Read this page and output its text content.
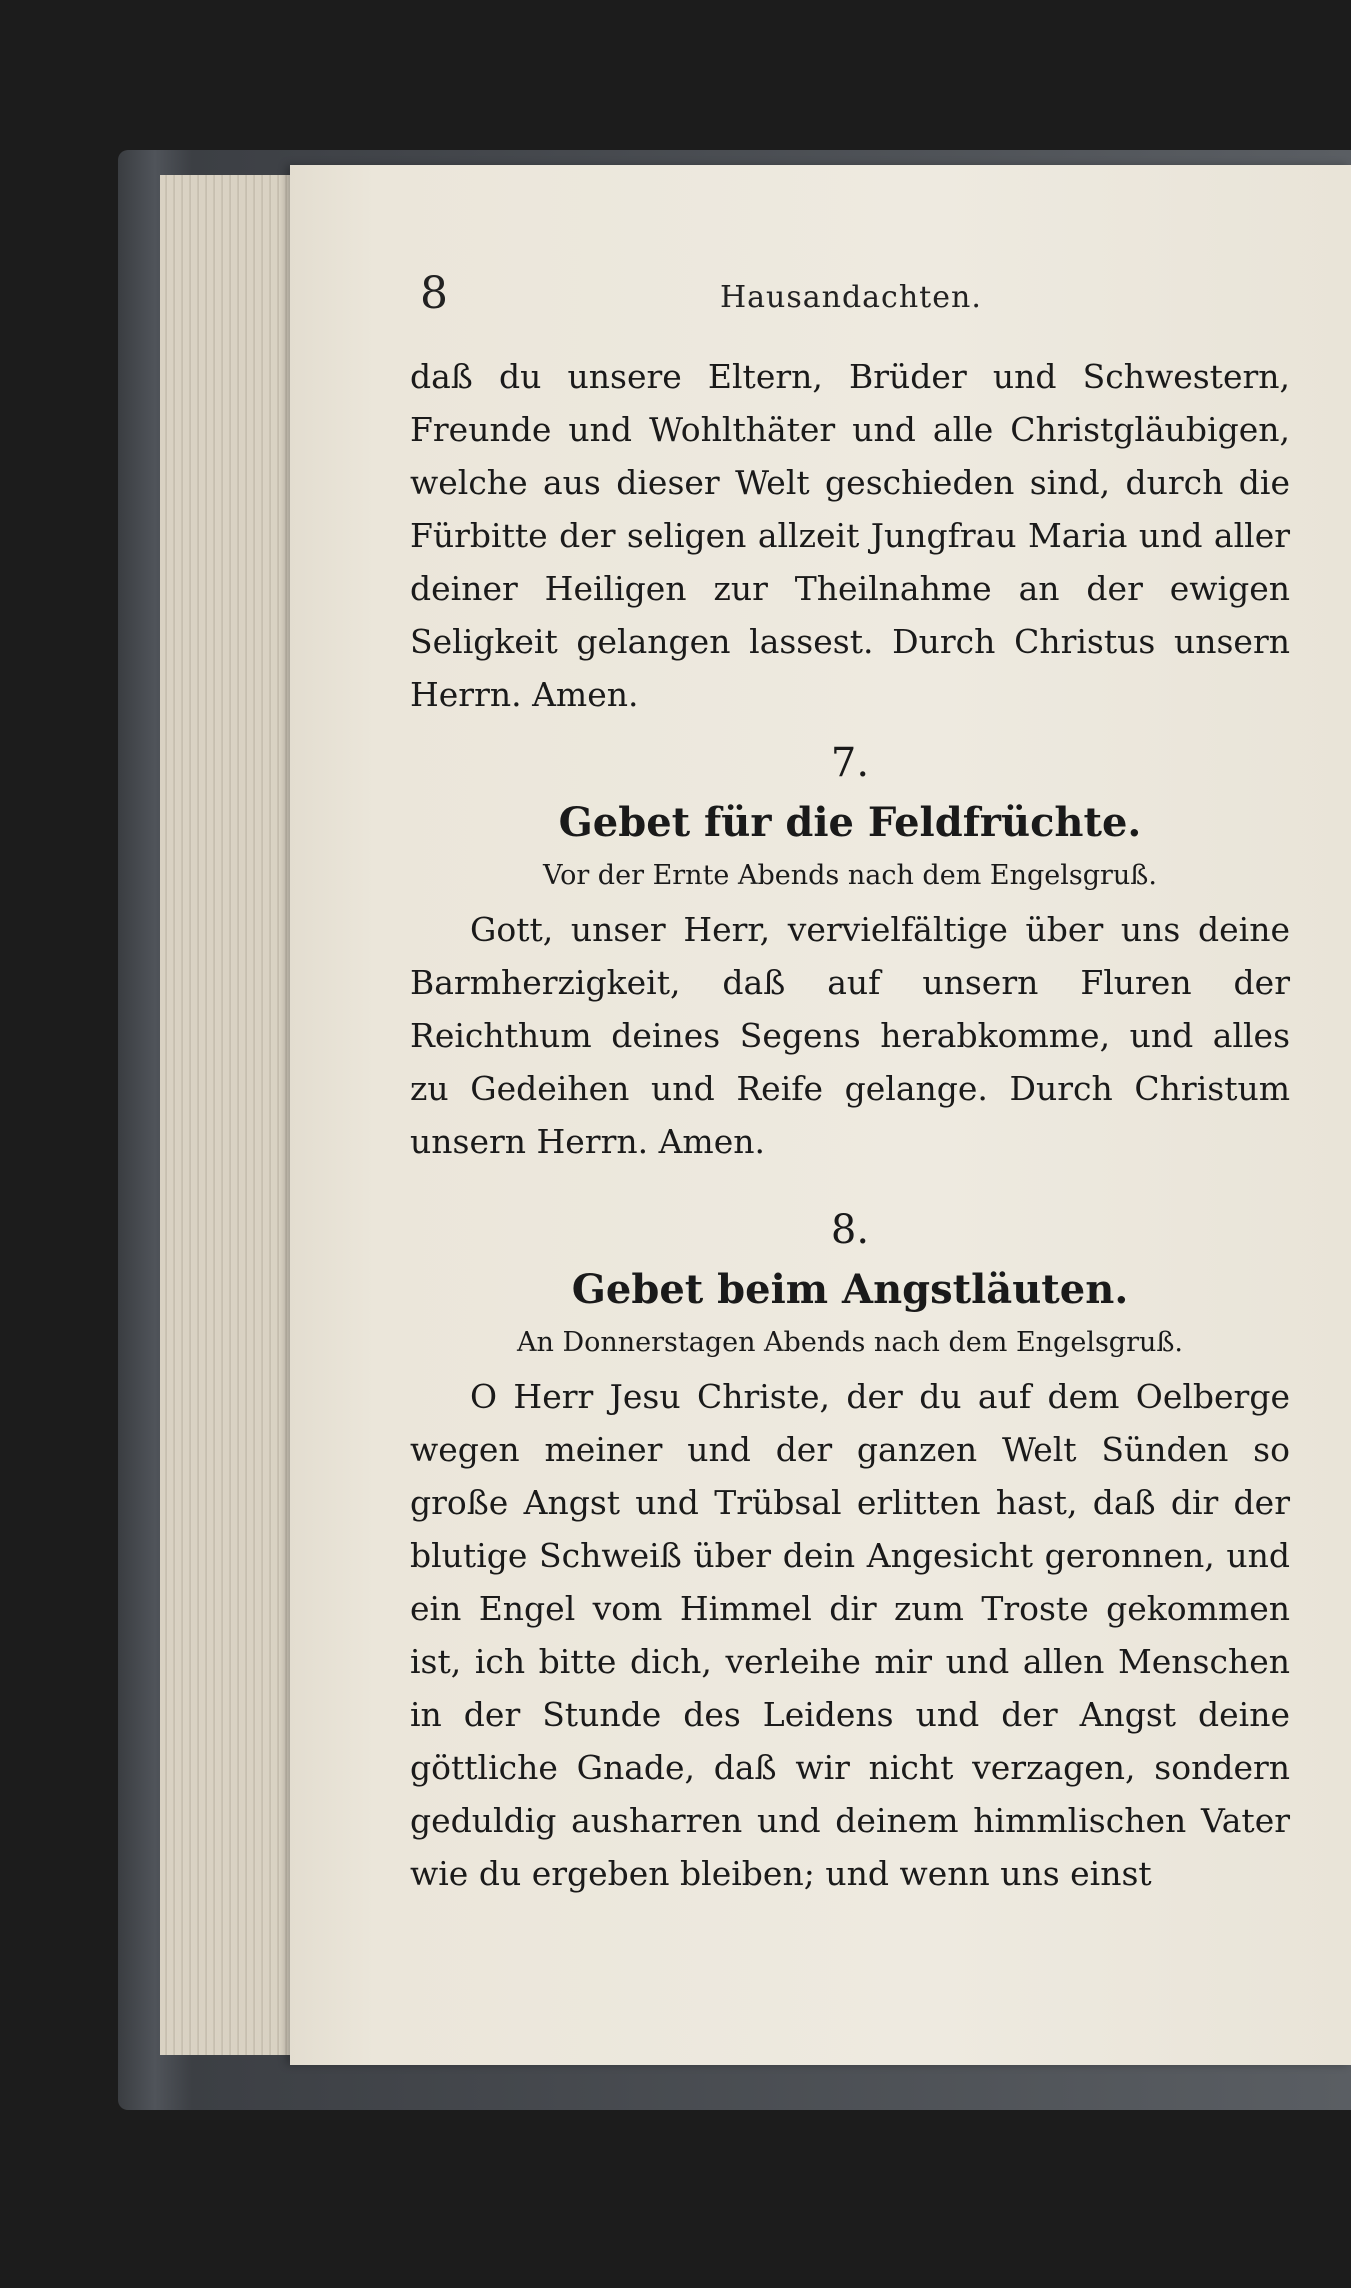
8	Hausandachten.

daß du unsere Eltern, Brüder und Schwestern, Freunde und Wohlthäter und alle Christgläubigen, welche aus dieser Welt geschieden sind, durch die Fürbitte der seligen allzeit Jungfrau Maria und aller deiner Heiligen zur Theilnahme an der ewigen Seligkeit gelangen lassest. Durch Christus unsern Herrn. Amen.

7.
Gebet für die Feldfrüchte.
Vor der Ernte Abends nach dem Engelsgruß.

Gott, unser Herr, vervielfältige über uns deine Barmherzigkeit, daß auf unsern Fluren der Reichthum deines Segens herabkomme, und alles zu Gedeihen und Reife gelange. Durch Christum unsern Herrn. Amen.

8.
Gebet beim Angstläuten.
An Donnerstagen Abends nach dem Engelsgruß.

O Herr Jesu Christe, der du auf dem Oelberge wegen meiner und der ganzen Welt Sünden so große Angst und Trübsal erlitten hast, daß dir der blutige Schweiß über dein Angesicht geronnen, und ein Engel vom Himmel dir zum Troste gekommen ist, ich bitte dich, verleihe mir und allen Menschen in der Stunde des Leidens und der Angst deine göttliche Gnade, daß wir nicht verzagen, sondern geduldig ausharren und deinem himmlischen Vater wie du ergeben bleiben; und wenn uns einst
